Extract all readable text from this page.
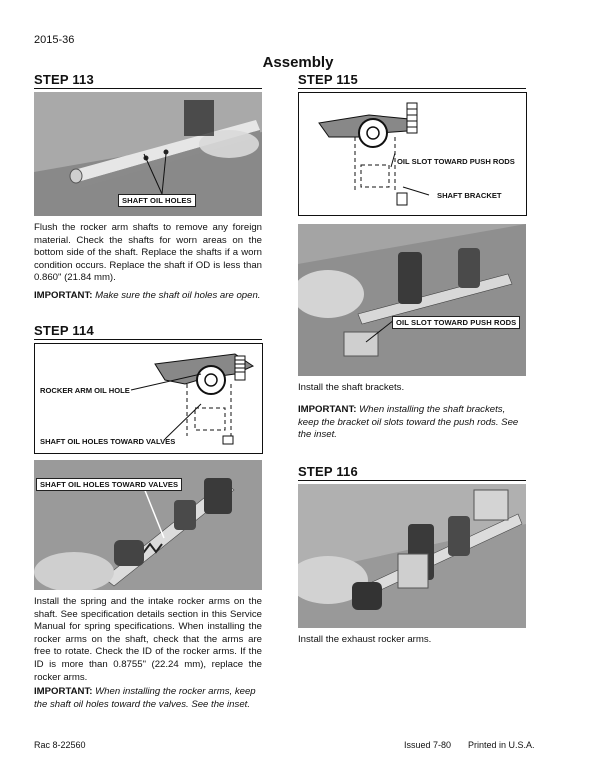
2015-36
Assembly
STEP 113
SHAFT OIL HOLES
Flush the rocker arm shafts to remove any foreign material. Check the shafts for worn areas on the bottom side of the shaft. Replace the shafts if a worn condition occurs. Replace the shaft if OD is less than 0.860" (21.84 mm).
IMPORTANT: Make sure the shaft oil holes are open.
STEP 114
ROCKER ARM OIL HOLE
SHAFT OIL HOLES TOWARD VALVES
SHAFT OIL HOLES TOWARD VALVES
Install the spring and the intake rocker arms on the shaft. See specification details section in this Service Manual for spring specifications. When installing the rocker arms on the shaft, check that the arms are free to rotate. Check the ID of the rocker arms. If the ID is more than 0.8755" (22.24 mm), replace the rocker arms.
IMPORTANT: When installing the rocker arms, keep the shaft oil holes toward the valves. See the inset.
STEP 115
OIL SLOT TOWARD PUSH RODS
SHAFT BRACKET
OIL SLOT TOWARD PUSH RODS
Install the shaft brackets.
IMPORTANT: When installing the shaft brackets, keep the bracket oil slots toward the push rods. See the inset.
STEP 116
Install the exhaust rocker arms.
Rac 8-22560	Issued 7-80 Printed in U.S.A.
